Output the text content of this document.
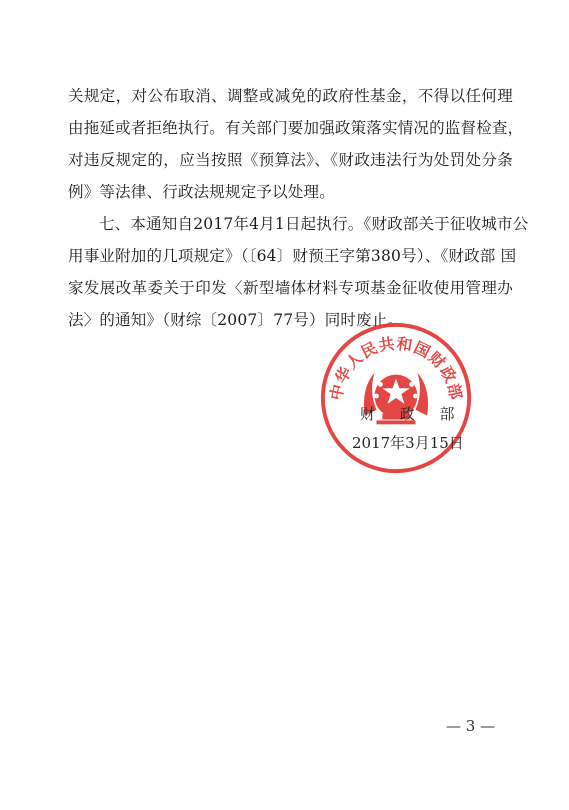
关规定，对公布取消、调整或减免的政府性基金，不得以任何理
由拖延或者拒绝执行。有关部门要加强政策落实情况的监督检查，
对违反规定的，应当按照《预算法》、《财政违法行为处罚处分条
例》等法律、行政法规规定予以处理。
七、本通知自2017年4月1日起执行。《财政部关于征收城市公
用事业附加的几项规定》（〔64〕财预王字第380号）、《财政部 国
家发展改革委关于印发〈新型墙体材料专项基金征收使用管理办
法〉的通知》（财综〔2007〕77号）同时废止。
中华人民共和国财政部
财 政 部
2017年3月15日
— 3 —
